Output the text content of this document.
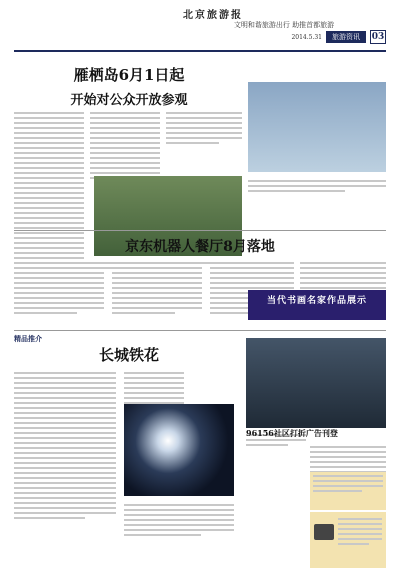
北京旅游报
文明和谐旅游出行 助推首都旅游
2014.5.31	旅游资讯	03
雁栖岛6月1日起
开始对公众开放参观
京东机器人餐厅8月落地
精品推介
长城铁花
当代书画名家作品展示
96156社区打折广告刊登
